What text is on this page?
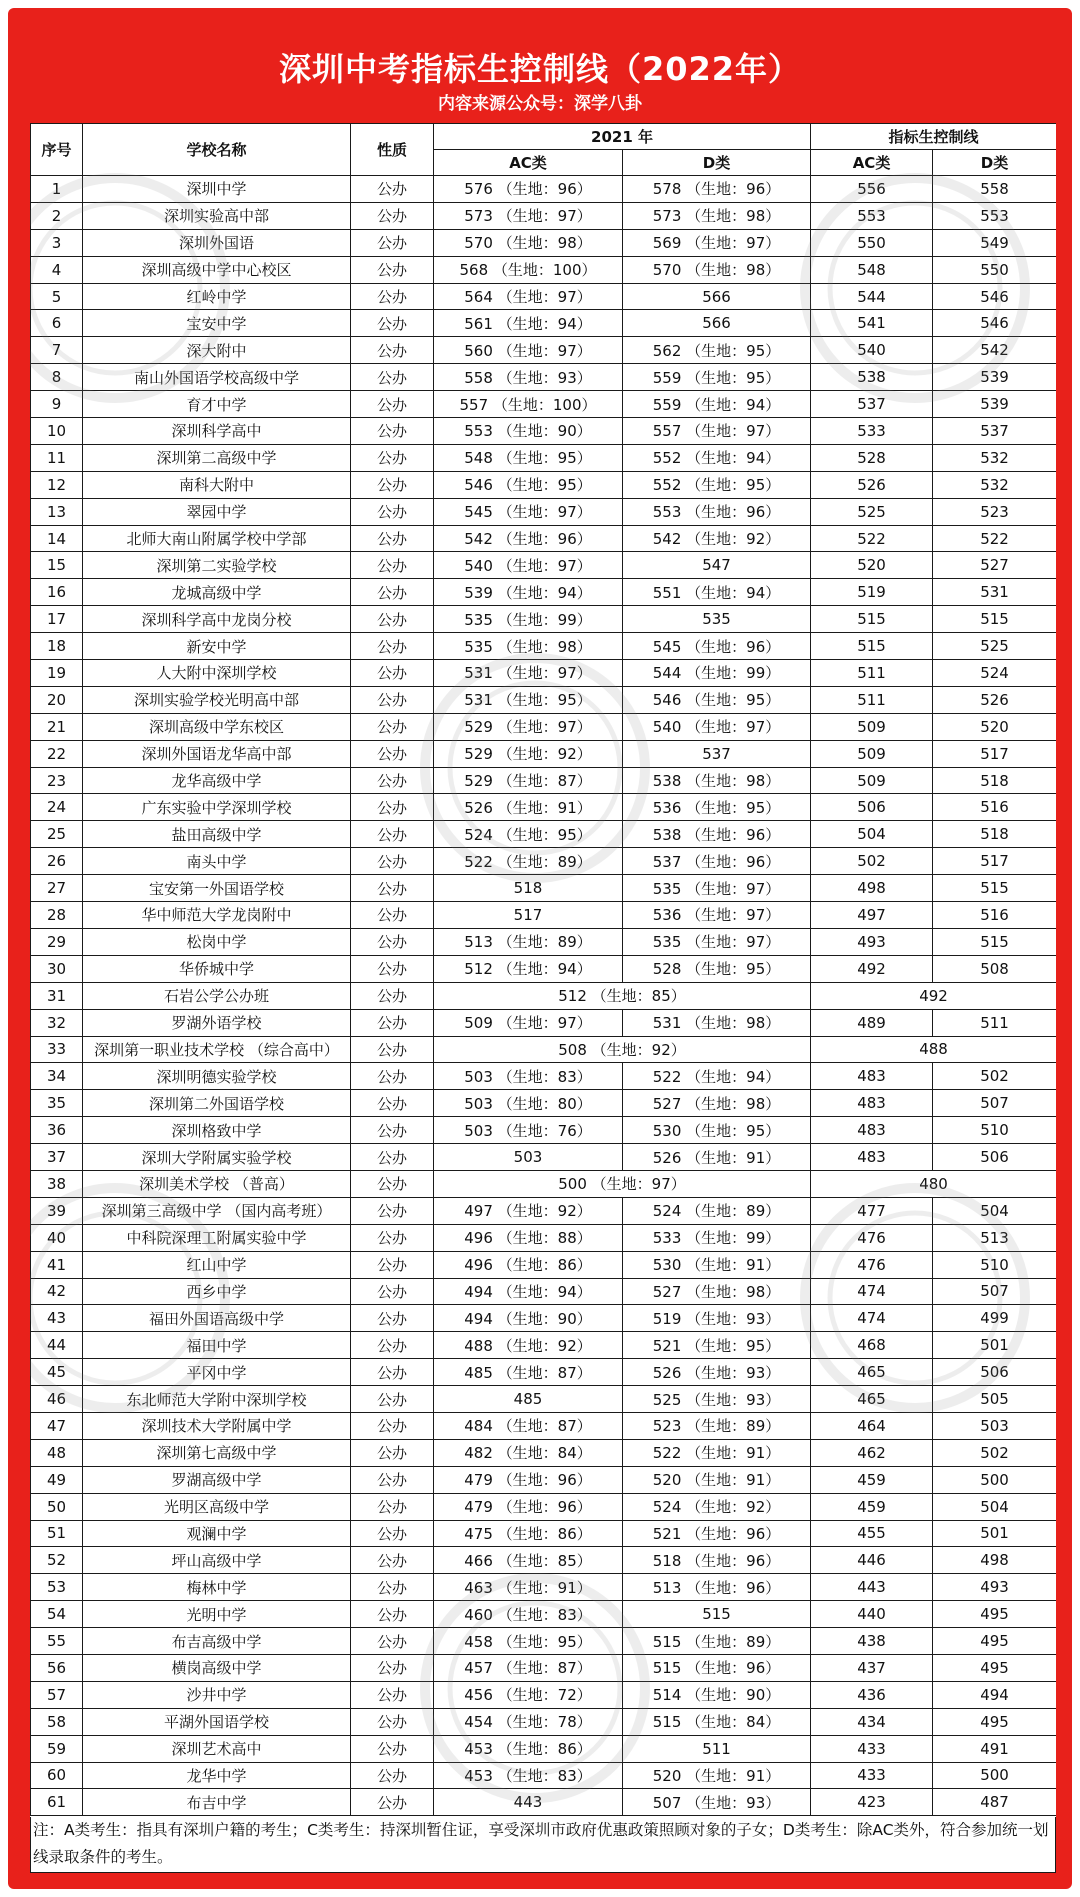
深圳中考指标生控制线（2022年）
内容来源公众号：深学八卦
序号	学校名称	性质	2021 年		指标生控制线	
			AC类	D类	AC类	D类
1	深圳中学	公办	576 （生地：96）	578 （生地：96）	556	558
2	深圳实验高中部	公办	573 （生地：97）	573 （生地：98）	553	553
3	深圳外国语	公办	570 （生地：98）	569 （生地：97）	550	549
4	深圳高级中学中心校区	公办	568 （生地：100）	570 （生地：98）	548	550
5	红岭中学	公办	564 （生地：97）	566	544	546
6	宝安中学	公办	561 （生地：94）	566	541	546
7	深大附中	公办	560 （生地：97）	562 （生地：95）	540	542
8	南山外国语学校高级中学	公办	558 （生地：93）	559 （生地：95）	538	539
9	育才中学	公办	557 （生地：100）	559 （生地：94）	537	539
10	深圳科学高中	公办	553 （生地：90）	557 （生地：97）	533	537
11	深圳第二高级中学	公办	548 （生地：95）	552 （生地：94）	528	532
12	南科大附中	公办	546 （生地：95）	552 （生地：95）	526	532
13	翠园中学	公办	545 （生地：97）	553 （生地：96）	525	523
14	北师大南山附属学校中学部	公办	542 （生地：96）	542 （生地：92）	522	522
15	深圳第二实验学校	公办	540 （生地：97）	547	520	527
16	龙城高级中学	公办	539 （生地：94）	551 （生地：94）	519	531
17	深圳科学高中龙岗分校	公办	535 （生地：99）	535	515	515
18	新安中学	公办	535 （生地：98）	545 （生地：96）	515	525
19	人大附中深圳学校	公办	531 （生地：97）	544 （生地：99）	511	524
20	深圳实验学校光明高中部	公办	531 （生地：95）	546 （生地：95）	511	526
21	深圳高级中学东校区	公办	529 （生地：97）	540 （生地：97）	509	520
22	深圳外国语龙华高中部	公办	529 （生地：92）	537	509	517
23	龙华高级中学	公办	529 （生地：87）	538 （生地：98）	509	518
24	广东实验中学深圳学校	公办	526 （生地：91）	536 （生地：95）	506	516
25	盐田高级中学	公办	524 （生地：95）	538 （生地：96）	504	518
26	南头中学	公办	522 （生地：89）	537 （生地：96）	502	517
27	宝安第一外国语学校	公办	518	535 （生地：97）	498	515
28	华中师范大学龙岗附中	公办	517	536 （生地：97）	497	516
29	松岗中学	公办	513 （生地：89）	535 （生地：97）	493	515
30	华侨城中学	公办	512 （生地：94）	528 （生地：95）	492	508
31	石岩公学公办班	公办	512 （生地：85）		492	
32	罗湖外语学校	公办	509 （生地：97）	531 （生地：98）	489	511
33	深圳第一职业技术学校 （综合高中）	公办	508 （生地：92）		488	
34	深圳明德实验学校	公办	503 （生地：83）	522 （生地：94）	483	502
35	深圳第二外国语学校	公办	503 （生地：80）	527 （生地：98）	483	507
36	深圳格致中学	公办	503 （生地：76）	530 （生地：95）	483	510
37	深圳大学附属实验学校	公办	503	526 （生地：91）	483	506
38	深圳美术学校 （普高）	公办	500 （生地：97）		480	
39	深圳第三高级中学 （国内高考班）	公办	497 （生地：92）	524 （生地：89）	477	504
40	中科院深理工附属实验中学	公办	496 （生地：88）	533 （生地：99）	476	513
41	红山中学	公办	496 （生地：86）	530 （生地：91）	476	510
42	西乡中学	公办	494 （生地：94）	527 （生地：98）	474	507
43	福田外国语高级中学	公办	494 （生地：90）	519 （生地：93）	474	499
44	福田中学	公办	488 （生地：92）	521 （生地：95）	468	501
45	平冈中学	公办	485 （生地：87）	526 （生地：93）	465	506
46	东北师范大学附中深圳学校	公办	485	525 （生地：93）	465	505
47	深圳技术大学附属中学	公办	484 （生地：87）	523 （生地：89）	464	503
48	深圳第七高级中学	公办	482 （生地：84）	522 （生地：91）	462	502
49	罗湖高级中学	公办	479 （生地：96）	520 （生地：91）	459	500
50	光明区高级中学	公办	479 （生地：96）	524 （生地：92）	459	504
51	观澜中学	公办	475 （生地：86）	521 （生地：96）	455	501
52	坪山高级中学	公办	466 （生地：85）	518 （生地：96）	446	498
53	梅林中学	公办	463 （生地：91）	513 （生地：96）	443	493
54	光明中学	公办	460 （生地：83）	515	440	495
55	布吉高级中学	公办	458 （生地：95）	515 （生地：89）	438	495
56	横岗高级中学	公办	457 （生地：87）	515 （生地：96）	437	495
57	沙井中学	公办	456 （生地：72）	514 （生地：90）	436	494
58	平湖外国语学校	公办	454 （生地：78）	515 （生地：84）	434	495
59	深圳艺术高中	公办	453 （生地：86）	511	433	491
60	龙华中学	公办	453 （生地：83）	520 （生地：91）	433	500
61	布吉中学	公办	443	507 （生地：93）	423	487
注：A类考生：指具有深圳户籍的考生；C类考生：持深圳暂住证，享受深圳市政府优惠政策照顾对象的子女；D类考生：除AC类外，符合参加统一划线录取条件的考生。
